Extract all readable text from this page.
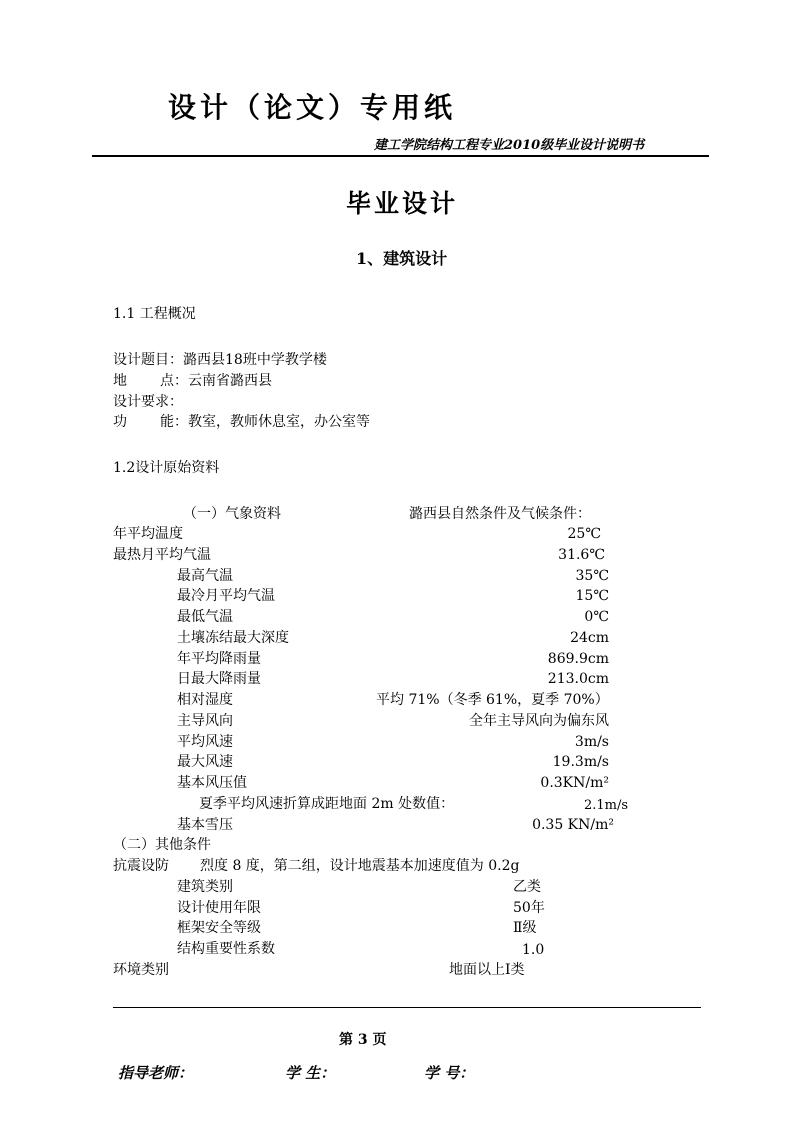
设计（论文）专用纸
建工学院结构工程专业2010级毕业设计说明书
毕业设计
1、建筑设计
1.1 工程概况
设计题目：潞西县18班中学教学楼
地 点：云南省潞西县
设计要求：
功 能：教室，教师休息室，办公室等
1.2设计原始资料
（一）气象资料	潞西县自然条件及气候条件：
年平均温度	25℃
最热月平均气温	31.6℃
最高气温	35℃
最冷月平均气温	15℃
最低气温	0℃
土壤冻结最大深度	24cm
年平均降雨量	869.9cm
日最大降雨量	213.0cm
相对湿度	平均 71%（冬季 61%，夏季 70%）
主导风向	全年主导风向为偏东风
平均风速	3m/s
最大风速	19.3m/s
基本风压值	0.3KN/m²
夏季平均风速折算成距地面 2m 处数值：	2.1m/s
基本雪压	0.35 KN/m²
（二）其他条件
抗震设防 烈度 8 度，第二组，设计地震基本加速度值为 0.2g
建筑类别	乙类
设计使用年限	50年
框架安全等级	Ⅱ级
结构重要性系数	1.0
环境类别	地面以上Ⅰ类
第 3 页
指导老师：	学 生：	学 号：
